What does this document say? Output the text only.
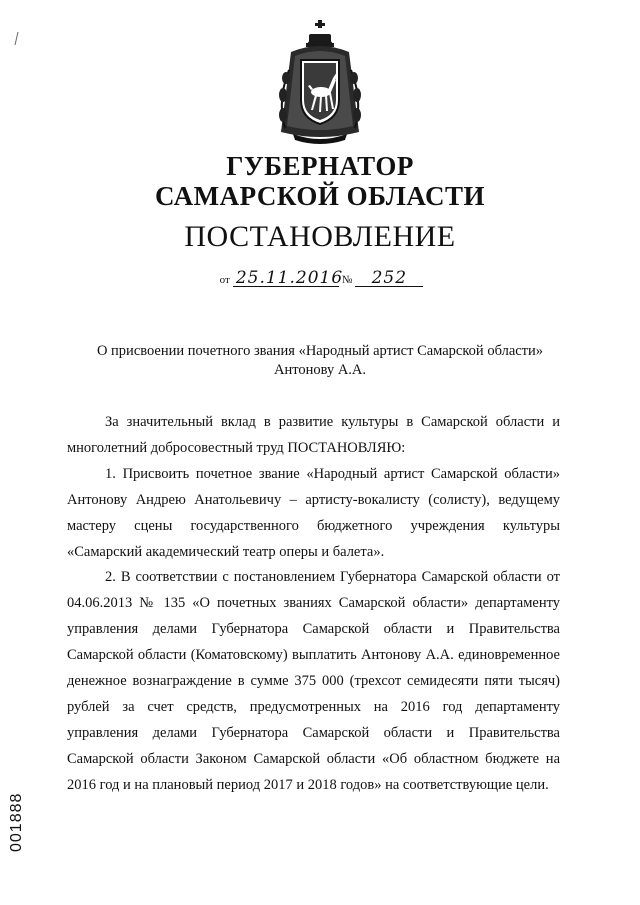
ГУБЕРНАТОР
САМАРСКОЙ ОБЛАСТИ
ПОСТАНОВЛЕНИЕ
от 25.11.2016№ 252
О присвоении почетного звания «Народный артист Самарской области»
Антонову А.А.

За значительный вклад в развитие культуры в Самарской области и многолетний добросовестный труд ПОСТАНОВЛЯЮ:

1. Присвоить почетное звание «Народный артист Самарской области» Антонову Андрею Анатольевичу – артисту-вокалисту (солисту), ведущему мастеру сцены государственного бюджетного учреждения культуры «Самарский академический театр оперы и балета».

2. В соответствии с постановлением Губернатора Самарской области от 04.06.2013 № 135 «О почетных званиях Самарской области» департаменту управления делами Губернатора Самарской области и Правительства Самарской области (Коматовскому) выплатить Антонову А.А. единовременное денежное вознаграждение в сумме 375 000 (трехсот семидесяти пяти тысяч) рублей за счет средств, предусмотренных на 2016 год департаменту управления делами Губернатора Самарской области и Правительства Самарской области Законом Самарской области «Об областном бюджете на 2016 год и на плановый период 2017 и 2018 годов» на соответствующие цели.

001888
